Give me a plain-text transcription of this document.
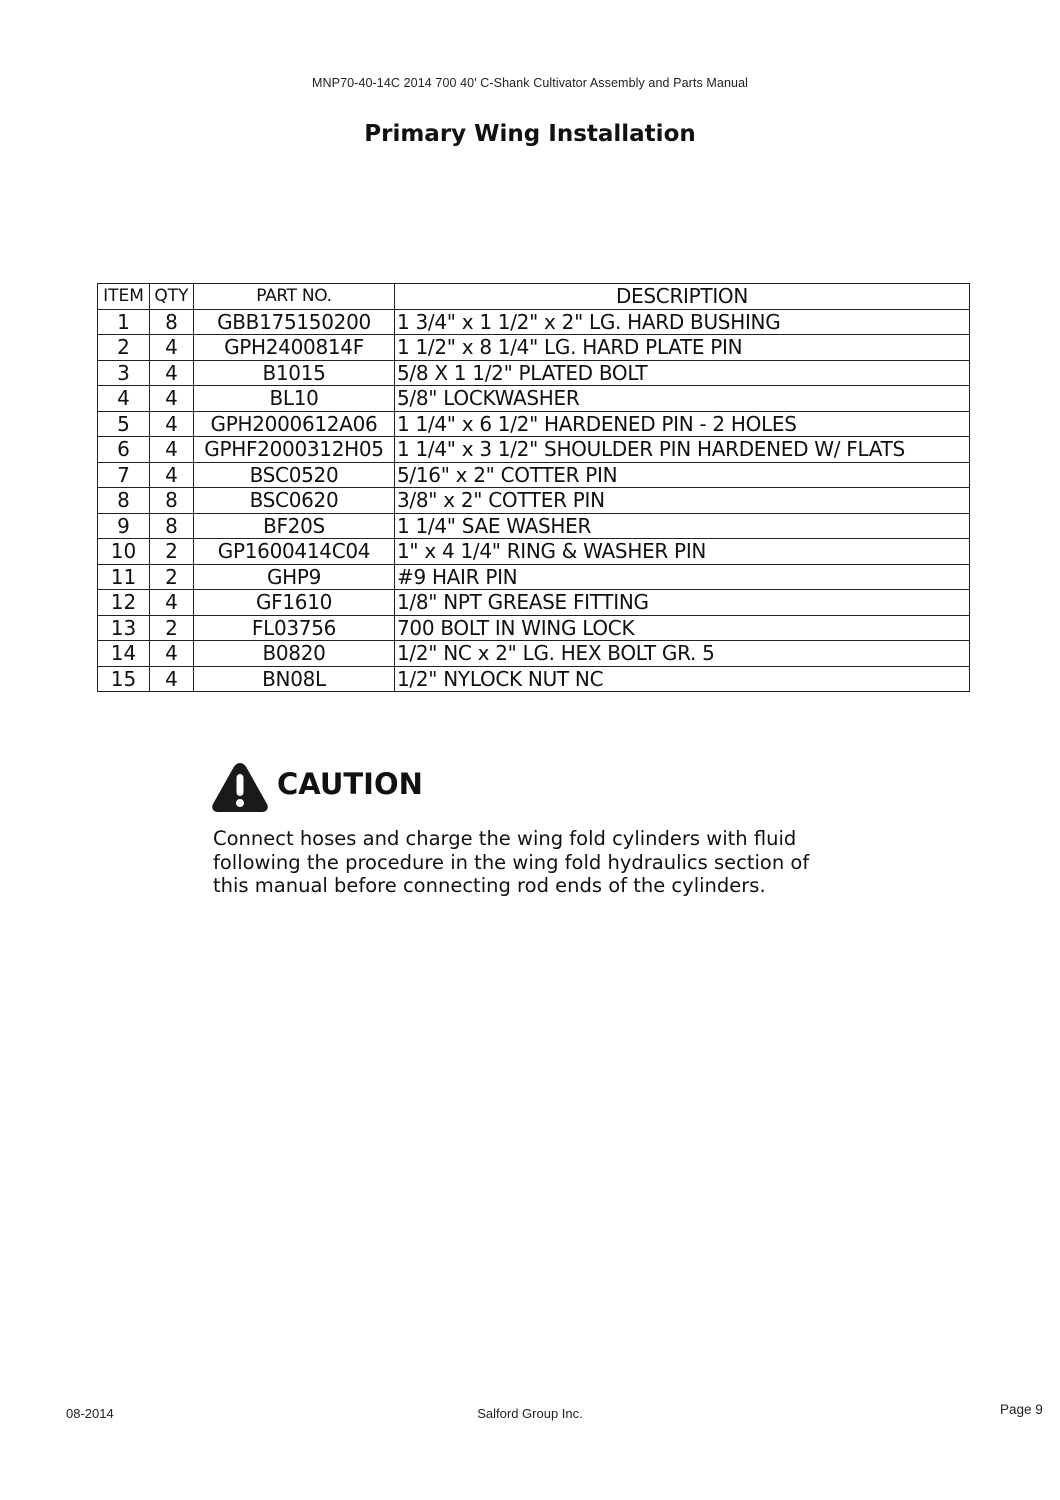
MNP70-40-14C 2014 700 40' C-Shank Cultivator Assembly and Parts Manual
Primary Wing Installation
ITEM	QTY	PART NO.	DESCRIPTION
1	8	GBB175150200	1 3/4" x 1 1/2" x 2" LG. HARD BUSHING
2	4	GPH2400814F	1 1/2" x 8 1/4" LG. HARD PLATE PIN
3	4	B1015	5/8 X 1 1/2" PLATED BOLT
4	4	BL10	5/8" LOCKWASHER
5	4	GPH2000612A06	1 1/4" x 6 1/2" HARDENED PIN - 2 HOLES
6	4	GPHF2000312H05	1 1/4" x 3 1/2" SHOULDER PIN HARDENED W/ FLATS
7	4	BSC0520	5/16" x 2" COTTER PIN
8	8	BSC0620	3/8" x 2" COTTER PIN
9	8	BF20S	1 1/4" SAE WASHER
10	2	GP1600414C04	1" x 4 1/4" RING & WASHER PIN
11	2	GHP9	#9 HAIR PIN
12	4	GF1610	1/8" NPT GREASE FITTING
13	2	FL03756	700 BOLT IN WING LOCK
14	4	B0820	1/2" NC x 2" LG. HEX BOLT GR. 5
15	4	BN08L	1/2" NYLOCK NUT NC
CAUTION
Connect hoses and charge the wing fold cylinders with fluid
following the procedure in the wing fold hydraulics section of
this manual before connecting rod ends of the cylinders.
08-2014	Salford Group Inc.	Page 9
